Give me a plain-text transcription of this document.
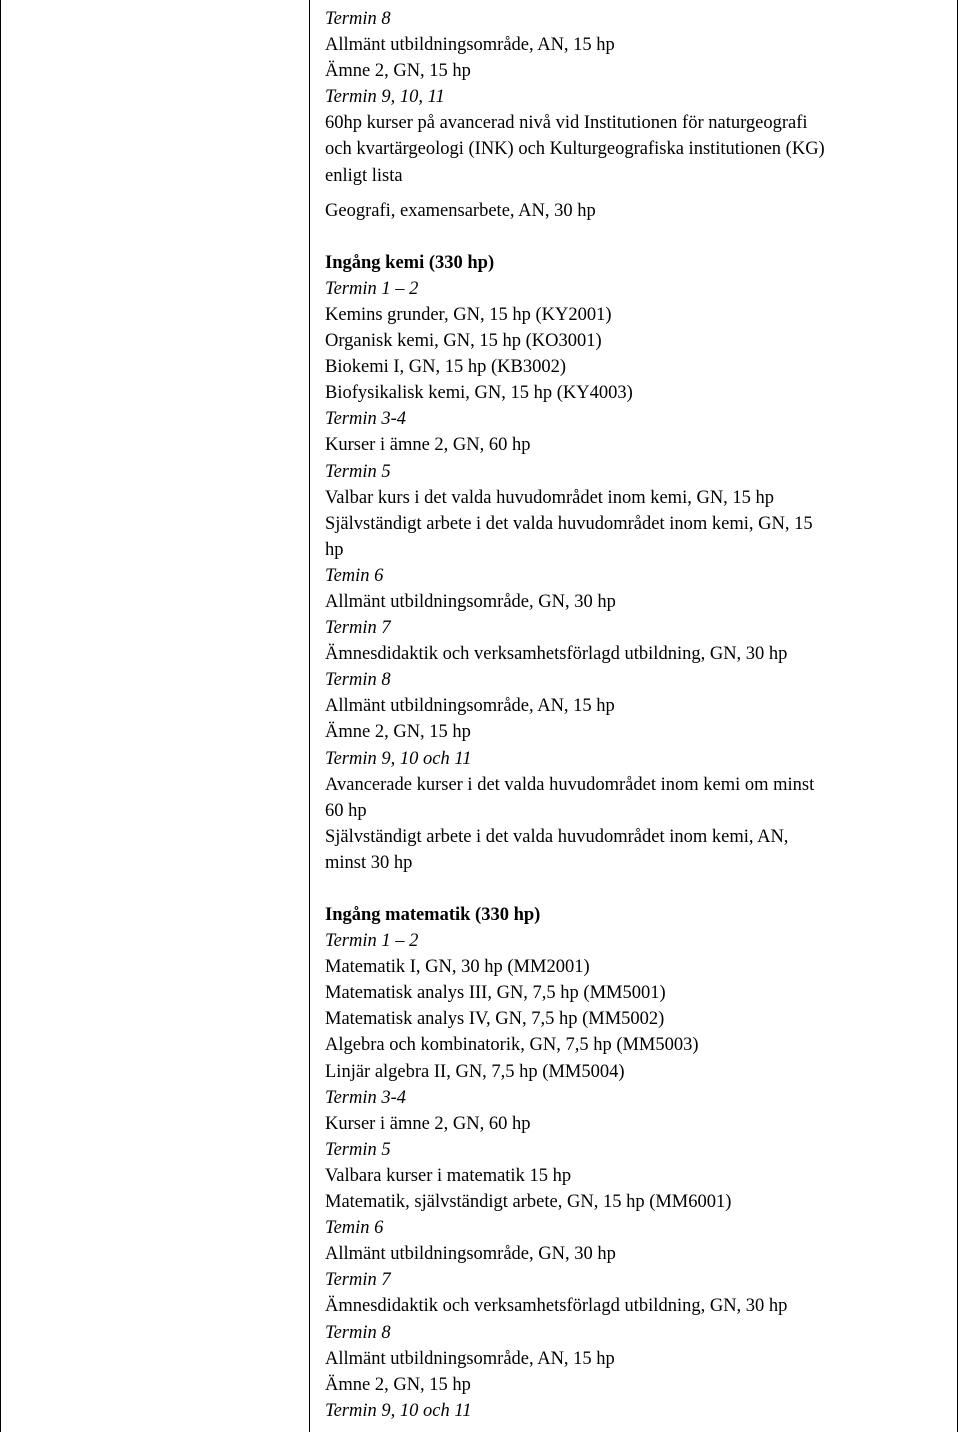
Termin 8
Allmänt utbildningsområde, AN, 15 hp
Ämne 2, GN, 15 hp
Termin 9, 10, 11
60hp kurser på avancerad nivå vid Institutionen för naturgeografi
och kvartärgeologi (INK) och Kulturgeografiska institutionen (KG)
enligt lista
Geografi, examensarbete, AN, 30 hp
Ingång kemi (330 hp)
Termin 1 – 2
Kemins grunder, GN, 15 hp (KY2001)
Organisk kemi, GN, 15 hp (KO3001)
Biokemi I, GN, 15 hp (KB3002)
Biofysikalisk kemi, GN, 15 hp (KY4003)
Termin 3-4
Kurser i ämne 2, GN, 60 hp
Termin 5
Valbar kurs i det valda huvudområdet inom kemi, GN, 15 hp
Självständigt arbete i det valda huvudområdet inom kemi, GN, 15
hp
Temin 6
Allmänt utbildningsområde, GN, 30 hp
Termin 7
Ämnesdidaktik och verksamhetsförlagd utbildning, GN, 30 hp
Termin 8
Allmänt utbildningsområde, AN, 15 hp
Ämne 2, GN, 15 hp
Termin 9, 10 och 11
Avancerade kurser i det valda huvudområdet inom kemi om minst
60 hp
Självständigt arbete i det valda huvudområdet inom kemi, AN,
minst 30 hp
Ingång matematik (330 hp)
Termin 1 – 2
Matematik I, GN, 30 hp (MM2001)
Matematisk analys III, GN, 7,5 hp (MM5001)
Matematisk analys IV, GN, 7,5 hp (MM5002)
Algebra och kombinatorik, GN, 7,5 hp (MM5003)
Linjär algebra II, GN, 7,5 hp (MM5004)
Termin 3-4
Kurser i ämne 2, GN, 60 hp
Termin 5
Valbara kurser i matematik 15 hp
Matematik, självständigt arbete, GN, 15 hp (MM6001)
Temin 6
Allmänt utbildningsområde, GN, 30 hp
Termin 7
Ämnesdidaktik och verksamhetsförlagd utbildning, GN, 30 hp
Termin 8
Allmänt utbildningsområde, AN, 15 hp
Ämne 2, GN, 15 hp
Termin 9, 10 och 11
